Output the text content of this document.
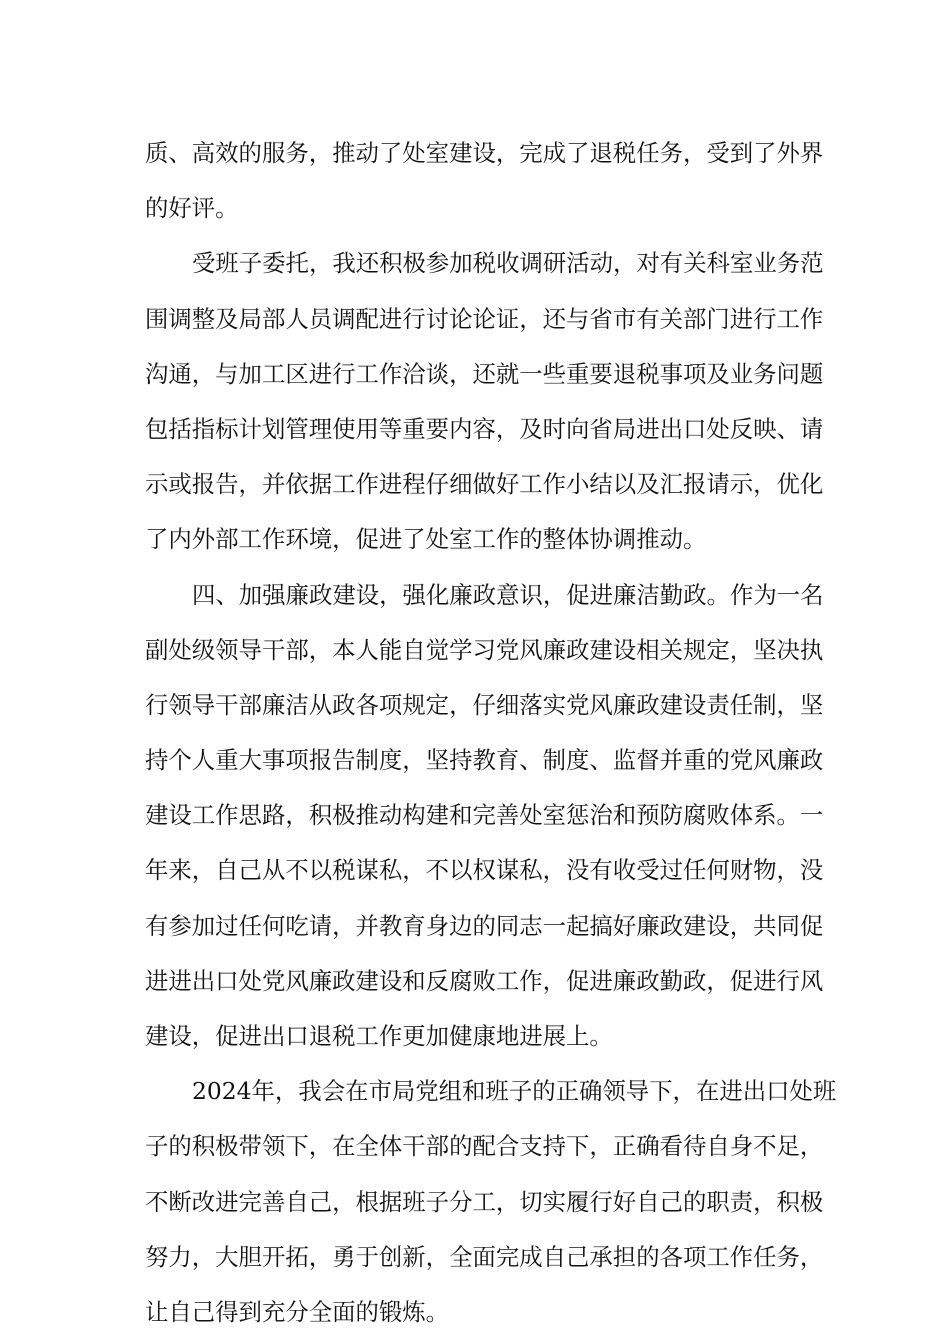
质、高效的服务，推动了处室建设，完成了退税任务，受到了外界
的好评。
受班子委托，我还积极参加税收调研活动，对有关科室业务范
围调整及局部人员调配进行讨论论证，还与省市有关部门进行工作
沟通，与加工区进行工作洽谈，还就一些重要退税事项及业务问题
包括指标计划管理使用等重要内容，及时向省局进出口处反映、请
示或报告，并依据工作进程仔细做好工作小结以及汇报请示，优化
了内外部工作环境，促进了处室工作的整体协调推动。
四、加强廉政建设，强化廉政意识，促进廉洁勤政。作为一名
副处级领导干部，本人能自觉学习党风廉政建设相关规定，坚决执
行领导干部廉洁从政各项规定，仔细落实党风廉政建设责任制，坚
持个人重大事项报告制度，坚持教育、制度、监督并重的党风廉政
建设工作思路，积极推动构建和完善处室惩治和预防腐败体系。一
年来，自己从不以税谋私，不以权谋私，没有收受过任何财物，没
有参加过任何吃请，并教育身边的同志一起搞好廉政建设，共同促
进进出口处党风廉政建设和反腐败工作，促进廉政勤政，促进行风
建设，促进出口退税工作更加健康地进展上。
2024年，我会在市局党组和班子的正确领导下，在进出口处班
子的积极带领下，在全体干部的配合支持下，正确看待自身不足，
不断改进完善自己，根据班子分工，切实履行好自己的职责，积极
努力，大胆开拓，勇于创新，全面完成自己承担的各项工作任务，
让自己得到充分全面的锻炼。
